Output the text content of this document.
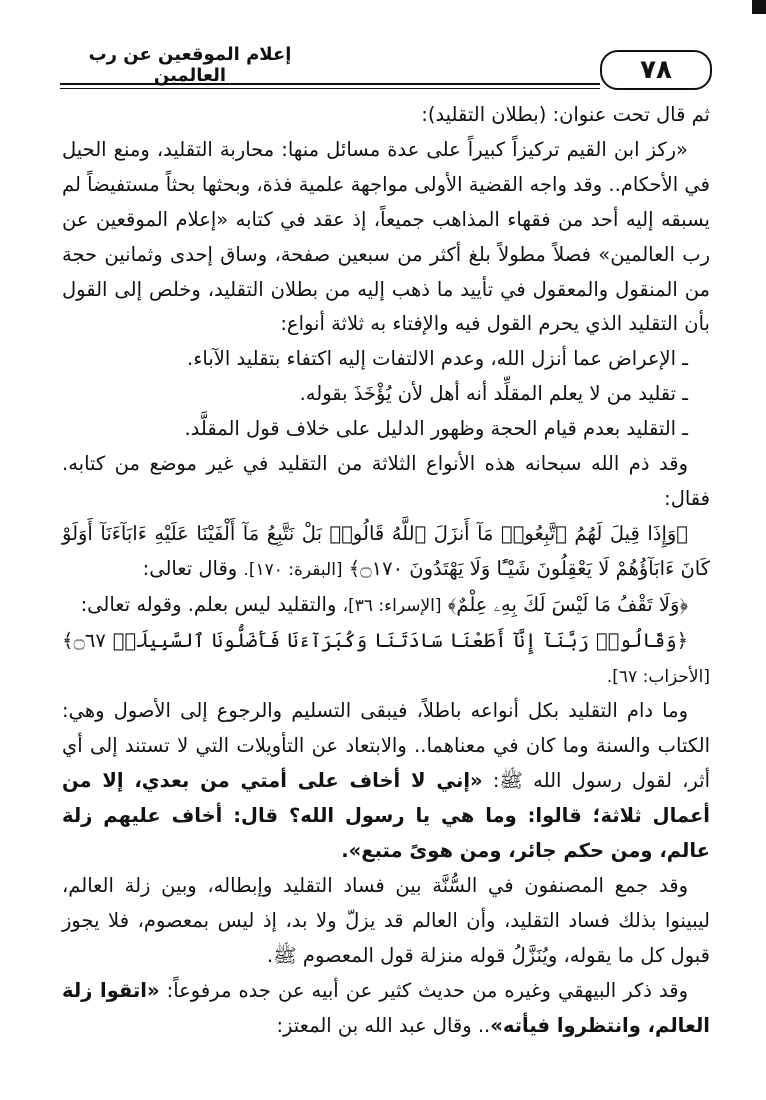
إعلام الموقعين عن رب العالمين	٧٨

ثم قال تحت عنوان: (بطلان التقليد):

«ركز ابن القيم تركيزاً كبيراً على عدة مسائل منها: محاربة التقليد، ومنع الحيل في الأحكام.. وقد واجه القضية الأولى مواجهة علمية فذة، وبحثها بحثاً مستفيضاً لم يسبقه إليه أحد من فقهاء المذاهب جميعاً، إذ عقد في كتابه «إعلام الموقعين عن رب العالمين» فصلاً مطولاً بلغ أكثر من سبعين صفحة، وساق إحدى وثمانين حجة من المنقول والمعقول في تأييد ما ذهب إليه من بطلان التقليد، وخلص إلى القول بأن التقليد الذي يحرم القول فيه والإفتاء به ثلاثة أنواع:

ـ الإعراض عما أنزل الله، وعدم الالتفات إليه اكتفاء بتقليد الآباء.

ـ تقليد من لا يعلم المقلِّد أنه أهل لأن يُؤْخَذَ بقوله.

ـ التقليد بعدم قيام الحجة وظهور الدليل على خلاف قول المقلَّد.

وقد ذم الله سبحانه هذه الأنواع الثلاثة من التقليد في غير موضع من كتابه. فقال:

﴿وَإِذَا قِيلَ لَهُمُ ٱتَّبِعُوا۟ مَآ أَنزَلَ ٱللَّهُ قَالُوا۟ بَلْ نَتَّبِعُ مَآ أَلْفَيْنَا عَلَيْهِ ءَابَآءَنَآ أَوَلَوْ كَانَ ءَابَآؤُهُمْ لَا يَعْقِلُونَ شَيْـًٔا وَلَا يَهْتَدُونَ ۝١٧٠﴾ [البقرة: ١٧٠]. وقال تعالى:

﴿وَلَا تَقْفُ مَا لَيْسَ لَكَ بِهِۦ عِلْمٌ﴾ [الإسراء: ٣٦]، والتقليد ليس بعلم. وقوله تعالى:

﴿وَقَالُوا۟ رَبَّنَآ إِنَّآ أَطَعْنَا سَادَتَنَا وَكُبَرَآءَنَا فَأَضَلُّونَا ٱلسَّبِيلَا۠ ۝٦٧﴾ [الأحزاب: ٦٧].

وما دام التقليد بكل أنواعه باطلاً، فيبقى التسليم والرجوع إلى الأصول وهي: الكتاب والسنة وما كان في معناهما.. والابتعاد عن التأويلات التي لا تستند إلى أي أثر، لقول رسول الله ﷺ: «إني لا أخاف على أمتي من بعدي، إلا من أعمال ثلاثة؛ قالوا: وما هي يا رسول الله؟ قال: أخاف عليهم زلة عالم، ومن حكم جائر، ومن هوىً متبع».

وقد جمع المصنفون في السُّنَّة بين فساد التقليد وإبطاله، وبين زلة العالم، ليبينوا بذلك فساد التقليد، وأن العالم قد يزلّ ولا بد، إذ ليس بمعصوم، فلا يجوز قبول كل ما يقوله، ويُنَزَّلُ قوله منزلة قول المعصوم ﷺ.

وقد ذكر البيهقي وغيره من حديث كثير عن أبيه عن جده مرفوعاً: «اتقوا زلة العالم، وانتظروا فيأته».. وقال عبد الله بن المعتز:
